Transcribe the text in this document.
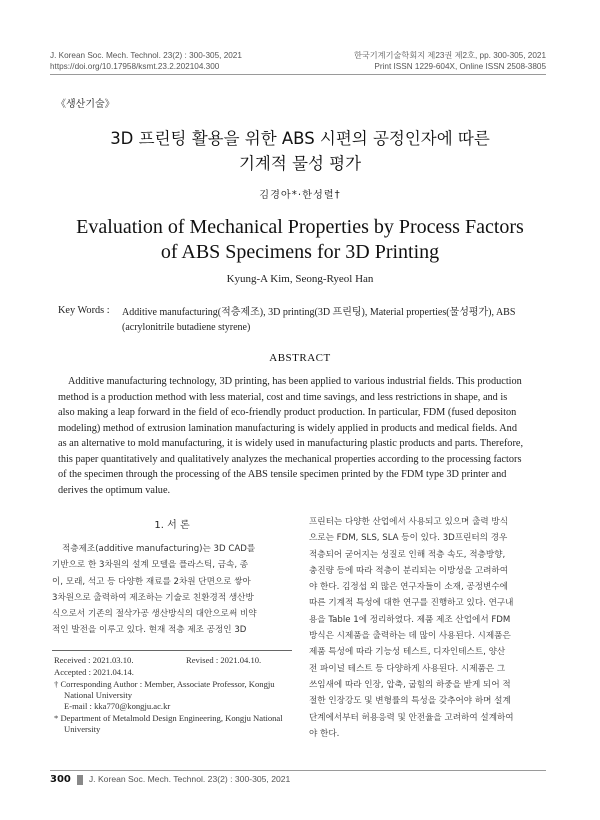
J. Korean Soc. Mech. Technol. 23(2) : 300-305, 2021
https://doi.org/10.17958/ksmt.23.2.202104.300
한국기계기술학회지 제23권 제2호, pp. 300-305, 2021
Print ISSN 1229-604X, Online ISSN 2508-3805
《생산기술》
3D 프린팅 활용을 위한 ABS 시편의 공정인자에 따른
기계적 물성 평가
김경아*·한성렬†
Evaluation of Mechanical Properties by Process Factors
of ABS Specimens for 3D Printing
Kyung-A Kim, Seong-Ryeol Han
Key Words : Additive manufacturing(적층제조), 3D printing(3D 프린팅), Material properties(물성평가), ABS
(acrylonitrile butadiene styrene)
ABSTRACT
Additive manufacturing technology, 3D printing, has been applied to various industrial fields. This production
method is a production method with less material, cost and time savings, and less restrictions in shape, and is
also making a leap forward in the field of eco-friendly product production. In particular, FDM (fused depositon
modeling) method of extrusion lamination manufacturing is widely applied in products and medical fields. And
as an alternative to mold manufacturing, it is widely used in manufacturing plastic products and parts. Therefore,
this paper quantitatively and qualitatively analyzes the mechanical properties according to the processing factors
of the specimen through the processing of the ABS tensile specimen printed by the FDM type 3D printer and
derives the optimum value.
1. 서 론
적층제조(additive manufacturing)는 3D CAD를
기반으로 한 3차원의 설계 모델을 플라스틱, 금속, 종
이, 모래, 석고 등 다양한 재료를 2차원 단면으로 쌓아
3차원으로 출력하여 제조하는 기술로 친환경적 생산방
식으로서 기존의 절삭가공 생산방식의 대안으로써 비약
적인 발전을 이루고 있다. 현재 적층 제조 공정인 3D
Received : 2021.03.10.	Revised : 2021.04.10.
Accepted : 2021.04.14.
† Corresponding Author : Member, Associate Professor, Kongju
National University
E-mail : kka770@kongju.ac.kr
* Department of Metalmold Design Engineering, Kongju National
University
프린터는 다양한 산업에서 사용되고 있으며 출력 방식
으로는 FDM, SLS, SLA 등이 있다. 3D프린터의 경우
적층되어 굳어지는 성질로 인해 적층 속도, 적층방향,
충진량 등에 따라 적층이 분리되는 이방성을 고려하여
야 한다. 김정섭 외 많은 연구자들이 소재, 공정변수에
따른 기계적 특성에 대한 연구를 진행하고 있다. 연구내
용을 Table 1에 정리하였다. 제품 제조 산업에서 FDM
방식은 시제품을 출력하는 데 많이 사용된다. 시제품은
제품 특성에 따라 기능성 테스트, 디자인테스트, 양산
전 파이널 테스트 등 다양하게 사용된다. 시제품은 그
쓰임새에 따라 인장, 압축, 굽힘의 하중을 받게 되어 적
절한 인장강도 및 변형률의 특성을 갖추어야 하며 설계
단계에서부터 허용응력 및 안전율을 고려하여 설계하여
야 한다.
300 J. Korean Soc. Mech. Technol. 23(2) : 300-305, 2021
